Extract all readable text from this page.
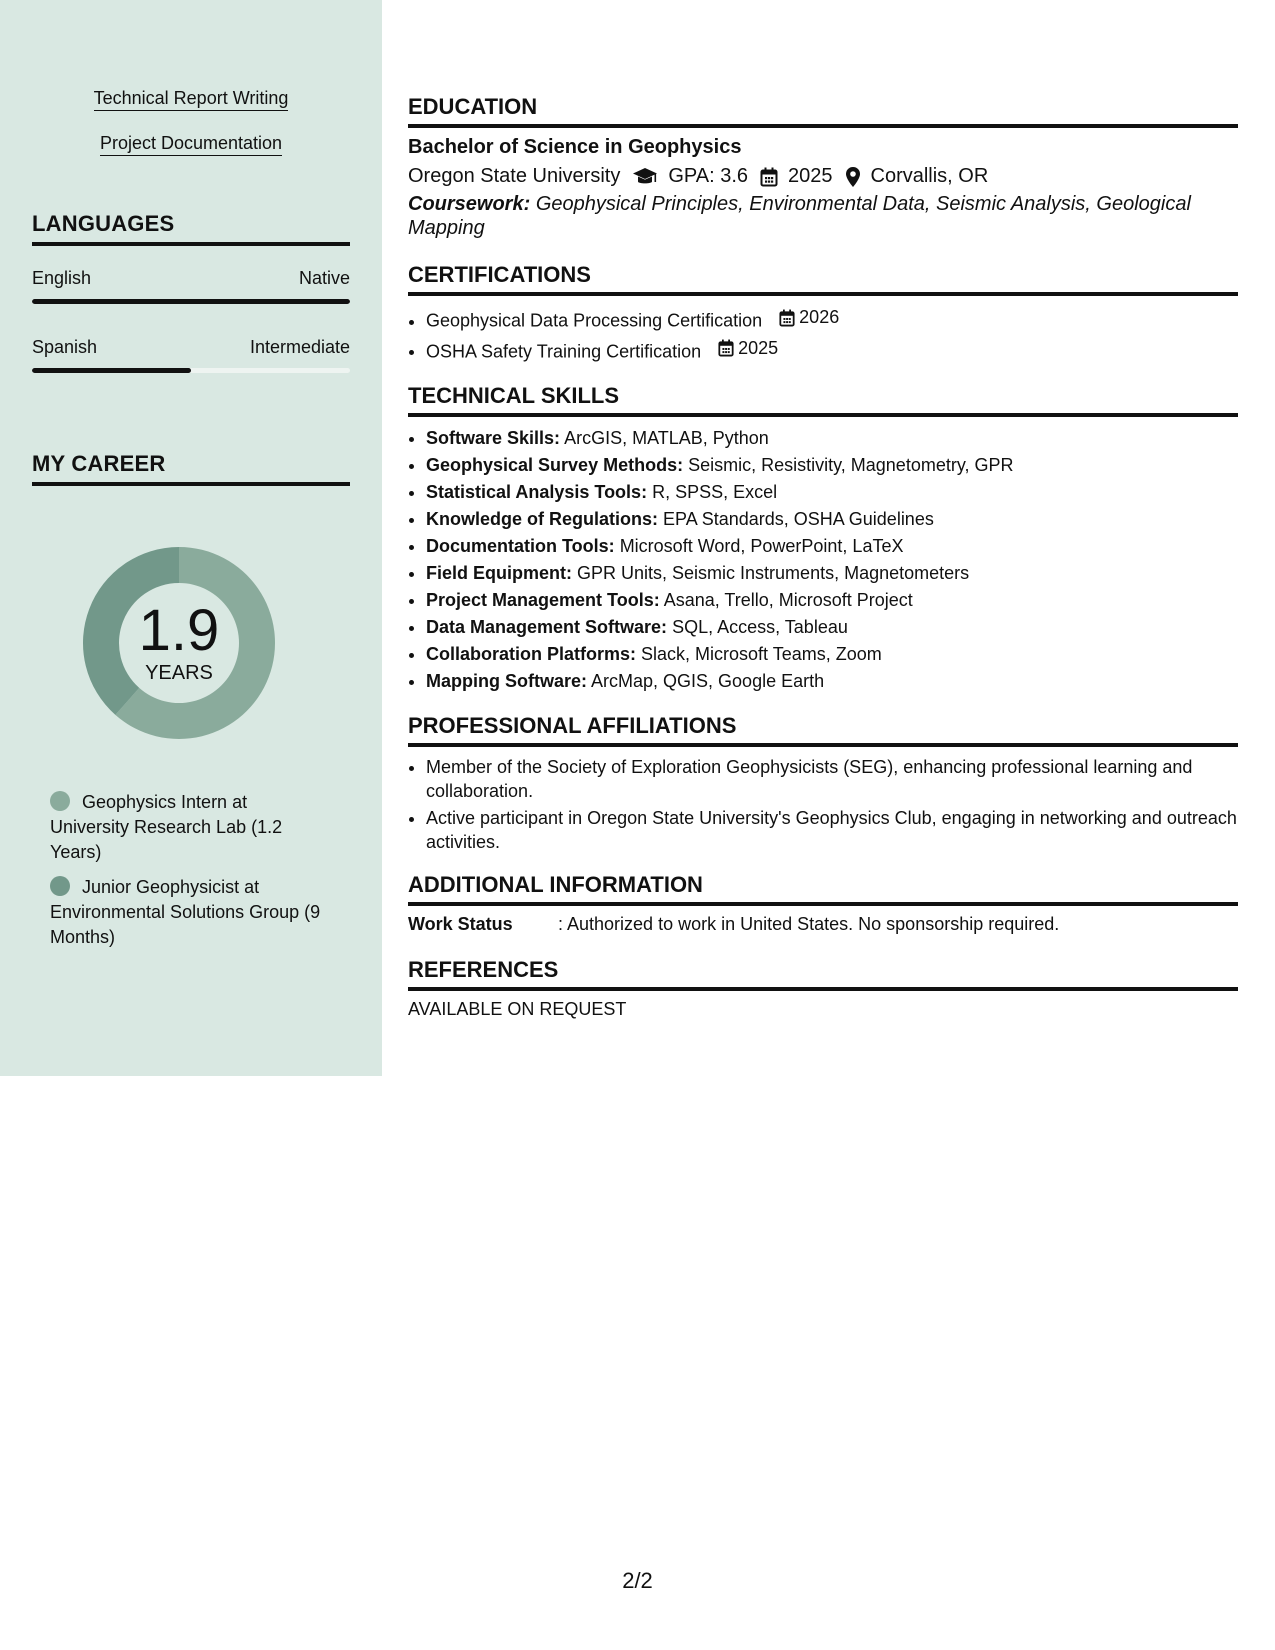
Technical Report Writing
Project Documentation
LANGUAGES
English	Native
Spanish	Intermediate
MY CAREER
1.9
YEARS
Geophysics Intern at University Research Lab (1.2 Years)
Junior Geophysicist at Environmental Solutions Group (9 Months)
EDUCATION
Bachelor of Science in Geophysics
Oregon State University GPA: 3.6 2025 Corvallis, OR
Coursework: Geophysical Principles, Environmental Data, Seismic Analysis, Geological Mapping
CERTIFICATIONS
• Geophysical Data Processing Certification 2026
• OSHA Safety Training Certification 2025
TECHNICAL SKILLS
• Software Skills: ArcGIS, MATLAB, Python
• Geophysical Survey Methods: Seismic, Resistivity, Magnetometry, GPR
• Statistical Analysis Tools: R, SPSS, Excel
• Knowledge of Regulations: EPA Standards, OSHA Guidelines
• Documentation Tools: Microsoft Word, PowerPoint, LaTeX
• Field Equipment: GPR Units, Seismic Instruments, Magnetometers
• Project Management Tools: Asana, Trello, Microsoft Project
• Data Management Software: SQL, Access, Tableau
• Collaboration Platforms: Slack, Microsoft Teams, Zoom
• Mapping Software: ArcMap, QGIS, Google Earth
PROFESSIONAL AFFILIATIONS
• Member of the Society of Exploration Geophysicists (SEG), enhancing professional learning and collaboration.
• Active participant in Oregon State University's Geophysics Club, engaging in networking and outreach activities.
ADDITIONAL INFORMATION
Work Status	: Authorized to work in United States. No sponsorship required.
REFERENCES
AVAILABLE ON REQUEST
2/2
